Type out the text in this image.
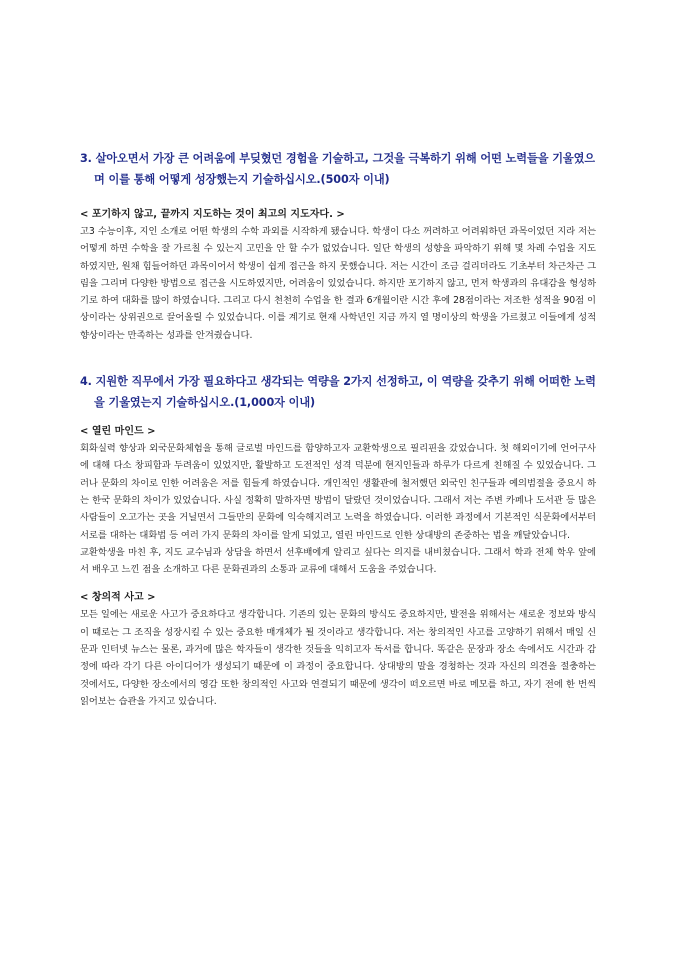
3. 살아오면서 가장 큰 어려움에 부딪혔던 경험을 기술하고, 그것을 극복하기 위해 어떤 노력들을 기울였으며 이를 통해 어떻게 성장했는지 기술하십시오.(500자 이내)
< 포기하지 않고, 끝까지 지도하는 것이 최고의 지도자다. >
고3 수능이후, 지인 소개로 어떤 학생의 수학 과외를 시작하게 됐습니다. 학생이 다소 꺼려하고 어려워하던 과목이었던 지라 저는 어떻게 하면 수학을 잘 가르칠 수 있는지 고민을 안 할 수가 없었습니다. 일단 학생의 성향을 파악하기 위해 몇 차례 수업을 지도하였지만, 원채 힘들어하던 과목이어서 학생이 쉽게 접근을 하지 못했습니다. 저는 시간이 조금 걸리더라도 기초부터 차근차근 그림을 그리며 다양한 방법으로 접근을 시도하였지만, 어려움이 있었습니다. 하지만 포기하지 않고, 먼저 학생과의 유대감을 형성하기로 하여 대화를 많이 하였습니다. 그리고 다시 천천히 수업을 한 결과 6개월이란 시간 후에 28점이라는 저조한 성적을 90점 이상이라는 상위권으로 끌어올릴 수 있었습니다. 이를 계기로 현재 사학년인 지금 까지 열 명이상의 학생을 가르쳤고 이들에게 성적향상이라는 만족하는 성과를 안겨줬습니다.
4. 지원한 직무에서 가장 필요하다고 생각되는 역량을 2가지 선정하고, 이 역량을 갖추기 위해 어떠한 노력을 기울였는지 기술하십시오.(1,000자 이내)
< 열린 마인드 >
회화실력 향상과 외국문화체험을 통해 글로벌 마인드를 함양하고자 교환학생으로 필리핀을 갔었습니다. 첫 해외이기에 언어구사에 대해 다소 창피함과 두려움이 있었지만, 활발하고 도전적인 성격 덕분에 현지인들과 하루가 다르게 친해질 수 있었습니다. 그러나 문화의 차이로 인한 어려움은 저를 힘들게 하였습니다. 개인적인 생활관에 철저했던 외국인 친구들과 예의범절을 중요시 하는 한국 문화의 차이가 있었습니다. 사실 정확히 말하자면 방법이 달랐던 것이었습니다. 그래서 저는 주변 카페나 도서관 등 많은 사람들이 오고가는 곳을 거닐면서 그들만의 문화에 익숙해지려고 노력을 하였습니다. 이러한 과정에서 기본적인 식문화에서부터 서로를 대하는 대화법 등 여러 가지 문화의 차이를 알게 되었고, 열린 마인드로 인한 상대방의 존중하는 법을 깨달았습니다.
교환학생을 마친 후, 지도 교수님과 상담을 하면서 선후배에게 알리고 싶다는 의지를 내비쳤습니다. 그래서 학과 전체 학우 앞에서 배우고 느낀 점을 소개하고 다른 문화권과의 소통과 교류에 대해서 도움을 주었습니다.
< 창의적 사고 >
모든 일에는 새로운 사고가 중요하다고 생각합니다. 기존의 있는 문화의 방식도 중요하지만, 발전을 위해서는 새로운 정보와 방식이 때로는 그 조직을 성장시킬 수 있는 중요한 매개체가 될 것이라고 생각합니다. 저는 창의적인 사고를 고양하기 위해서 매일 신문과 인터넷 뉴스는 물론, 과거에 많은 학자들이 생각한 것들을 익히고자 독서를 합니다. 똑같은 문장과 장소 속에서도 시간과 감정에 따라 각기 다른 아이디어가 생성되기 때문에 이 과정이 중요합니다. 상대방의 말을 경청하는 것과 자신의 의견을 절충하는 것에서도, 다양한 장소에서의 영감 또한 창의적인 사고와 연결되기 때문에 생각이 떠오르면 바로 메모를 하고, 자기 전에 한 번씩 읽어보는 습관을 가지고 있습니다.
